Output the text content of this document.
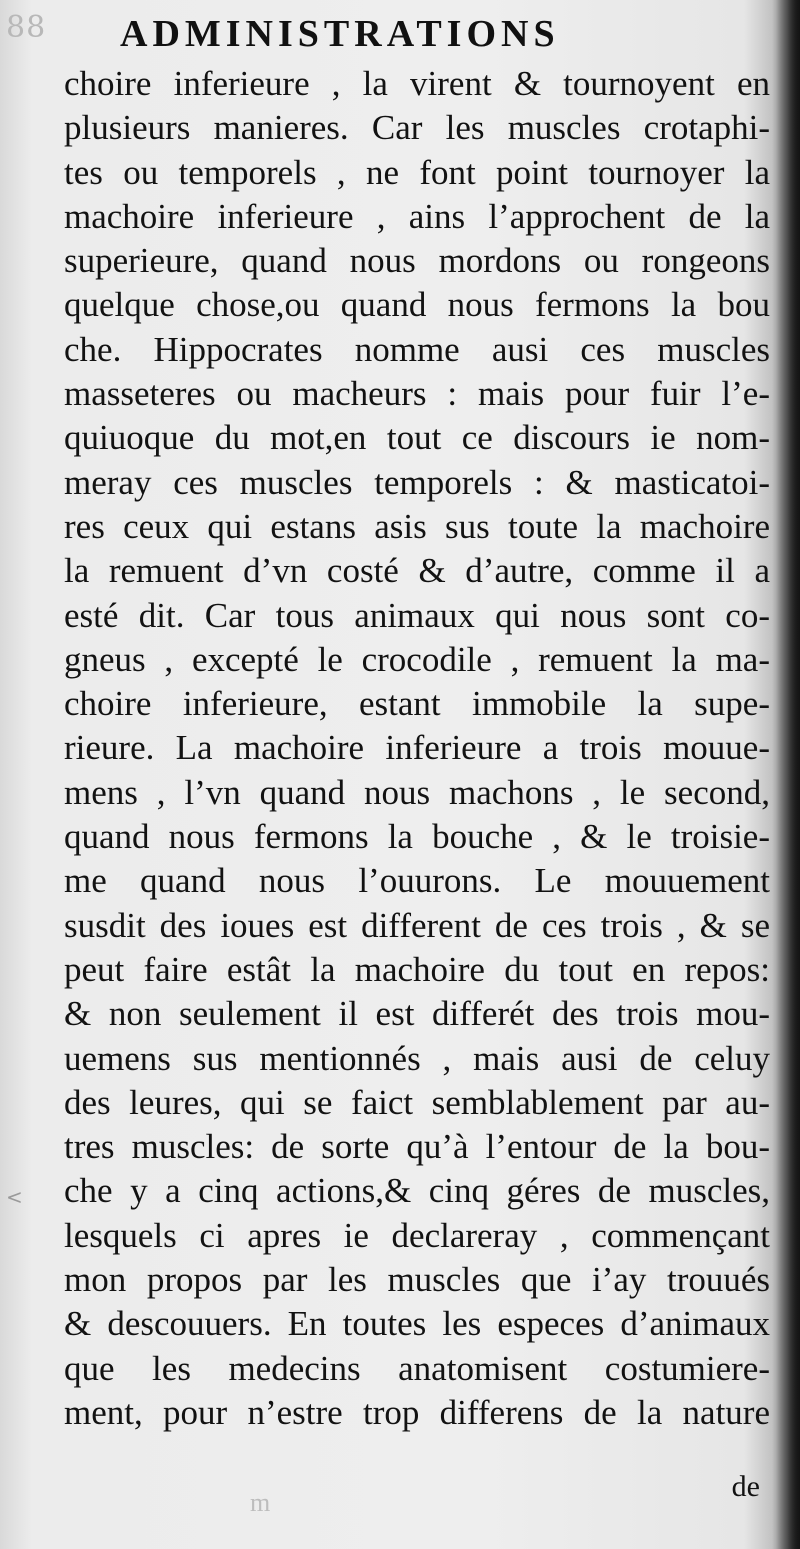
88 ADMINISTRATIONS
choire inferieure , la virent & tournoyent en
plusieurs manieres. Car les muscles crotaphi-
tes ou temporels , ne font point tournoyer la
machoire inferieure , ains l’approchent de la
superieure, quand nous mordons ou rongeons
quelque chose,ou quand nous fermons la bou
che. Hippocrates nomme ausi ces muscles
masseteres ou macheurs : mais pour fuir l’e-
quiuoque du mot,en tout ce discours ie nom-
meray ces muscles temporels : & masticatoi-
res ceux qui estans asis sus toute la machoire
la remuent d’vn costé & d’autre, comme il a
esté dit. Car tous animaux qui nous sont co-
gneus , excepté le crocodile , remuent la ma-
choire inferieure, estant immobile la supe-
rieure. La machoire inferieure a trois mouue-
mens , l’vn quand nous machons , le second,
quand nous fermons la bouche , & le troisie-
me quand nous l’ouurons. Le mouuement
susdit des ioues est different de ces trois , & se
peut faire estât la machoire du tout en repos:
& non seulement il est differét des trois mou-
uemens sus mentionnés , mais ausi de celuy
des leures, qui se faict semblablement par au-
tres muscles: de sorte qu’à l’entour de la bou-
che y a cinq actions,& cinq géres de muscles,
lesquels ci apres ie declareray , commençant
mon propos par les muscles que i’ay trouués
& descouuers. En toutes les especes d’animaux
que les medecins anatomisent costumiere-
ment, pour n’estre trop differens de la nature
de
<
m
